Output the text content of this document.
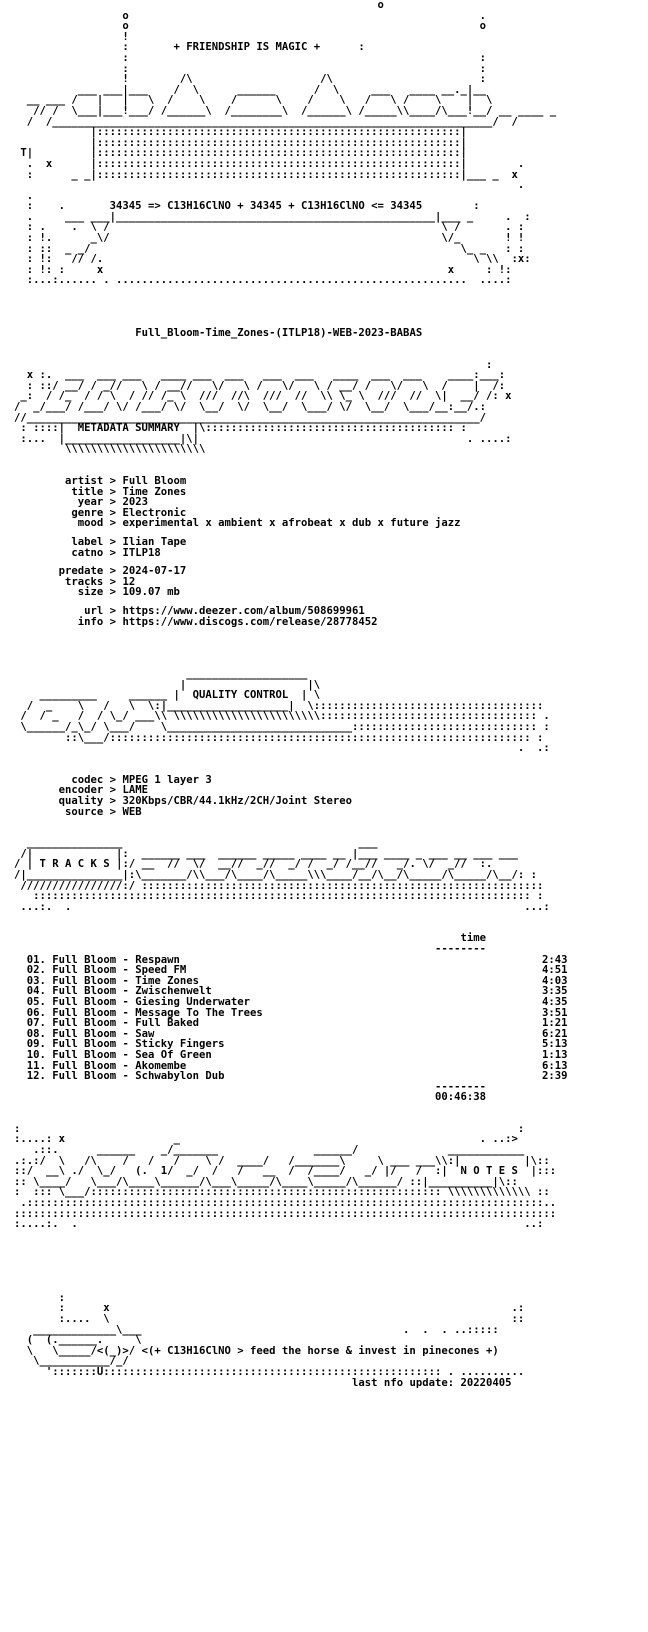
o
o                                                       .
o                                                       o
!
:       + FRIENDSHIP IS MAGIC +      :
:                                                       :
:                                                       :
!        /\                    /\                       :
___ ___|___    /  \      ______      /  \     ___   ____ __._|__
__ ___ /   |   |   \  /    \    /      \    /    \   /   \ /    \    |  \
// /  \___|___!___/ /______\  /________\  /______\ /_____\\____/\___!__/ __ ____ _
/  /_____________________________________________________________________/  /
|:::::::::::::::::::::::::::::::::::::::::::::::::::::::::|
|:::::::::::::::::::::::::::::::::::::::::::::::::::::::::|
T|         |:::::::::::::::::::::::::::::::::::::::::::::::::::::::::|
.  x      |:::::::::::::::::::::::::::::::::::::::::::::::::::::::::|        .
:      _ _|:::::::::::::::::::::::::::::::::::::::::::::::::::::::::|___ _  x
.
.
:    .       34345 => C13H16ClNO + 34345 + C13H16ClNO <= 34345        :
.     ___ ___|__________________________________________________|___ _     .  :
: .    .  \ /                                                    \ /       . :
: !.      _\/                                                    \/_       ! !
: ::  _ _/                                                          \_ _   : :
: !:   // /.                                                          \ \\  :x:
: !: :     x                                                      x     : !:
:...:...... . .......................................................  ....:
Full_Bloom-Time_Zones-(ITLP18)-WEB-2023-BABAS
:
x :.  ___  ___ ___   ____ ___  ___   ___  ___   ____  ___  ___    ____:___:
: ::/ __/ / _//   \ / __//   \/   \ /   \/   \ / __/ /   \/   \  /    |  /:
_:  / /_  / / \  / // /_ \  ///  //\  ///  //  \\ \_ \  ///  //  \|  __/ /: x
/  _/___/ /___/ \/ /___/ \/  \__/  \/  \__/  \___/ \/  \__/  \___/__:__/.:
//_______________________________________________________________________/
: ::::|  METADATA SUMMARY  |\::::::::::::::::::::::::::::::::::::::: :
:...  |__________________|\|                                          . ....:
\\\\\\\\\\\\\\\\\\\\\\
artist > Full Bloom
title > Time Zones
year > 2023
genre > Electronic
mood > experimental x ambient x afrobeat x dub x future jazz
label > Ilian Tape
catno > ITLP18
predate > 2024-07-17
tracks > 12
size > 109.07 mb
url > https://www.deezer.com/album/508699961
info > https://www.discogs.com/release/28778452
___________________
|                   |\
_________     ______ |  QUALITY CONTROL  | \
/  _    \   /   \  \:|___________________|  \::::::::::::::::::::::::::::::::::::
/  / _   /  / \_/ ___\\ \\\\\\\\\\\\\\\\\\\\\\\:::::::::::::::::::::::::::::::::: .
\______/_\_/ \___/    \_____________________________::::::::::::::::::::::::::::: :
::\___/:::::::::::::::::::::::::::::::::::::::::::::::::::::::::::::::::: :
.  .:
codec > MPEG 1 layer 3
encoder > LAME
quality > 320Kbps/CBR/44.1kHz/2CH/Joint Stereo
source > WEB
_______________                                     ___
/|             |:  ______ ___  ______ _____ ____ __ |___ ____ _ ___ __ ___ ___
/ | T R A C K S |:/ __  //  \/  __//  _//  _/ /  _/ /__//   _/. \/  _//  :.
/|_______________|:\_______/\\___/\____/\_____\\\____/__/\__/\_____/\_____/\__/: :
////////////////:/ :::::::::::::::::::::::::::::::::::::::::::::::::::::::::::::::
:::::::::::::::::::::::::::::::::::::::::::::::::::::::::::::::::::::::::::::: :
...:.  .                                                                       ...:
time
--------
01. Full Bloom - Respawn	2:43
02. Full Bloom - Speed FM	4:51
03. Full Bloom - Time Zones	4:03
04. Full Bloom - Zwischenwelt	3:35
05. Full Bloom - Giesing Underwater	4:35
06. Full Bloom - Message To The Trees	3:51
07. Full Bloom - Full Baked	1:21
08. Full Bloom - Saw	6:21
09. Full Bloom - Sticky Fingers	5:13
10. Full Bloom - Sea Of Green	1:13
11. Full Bloom - Akomembe	6:13
12. Full Bloom - Schwabylon Dub	2:39
--------
00:46:38
:                                                                              :
:....: x                 _                                               . ..:>
.::.      ______    _/_______               ______/              ____________
.:.:/  \   /\    /   /   /    \ /  ____/   /_______\     \ ___ ___\\:|          |\::
::/  __\ ./  \_/   (.  1/  _/  /   /   __  /  /____/   _/ |/   /  :|  N O T E S  |:::
:: \____/   \___/\____\______/\___\_____/\____\_____/\______/ ::|__________|\::
:  ::: \___/::::::::::::::::::::::::::::::::::::::::::::::::::::::: \\\\\\\\\\\\\ ::
.:::::::::::::::::::::::::::::::::::::::::::::::::::::::::::::::::::::::::::::::::..
:::::::::::::::::::::::::::::::::::::::::::::::::::::::::::::::::::::::::::::::::::::
:....:.  .                                                                      ..:
:
:      x                                                               .:
:....  \                                                               ::
_____________\___                                         .  .  . ..:::::
(  (.______.     \
\   \_____/<(_)>/ <(+ C13H16ClNO > feed the horse & invest in pinecones +)
\___________/_/
':::::::U::::::::::::::::::::::::::::::::::::::::::::::::::::: . ..........
last nfo update: 20220405
